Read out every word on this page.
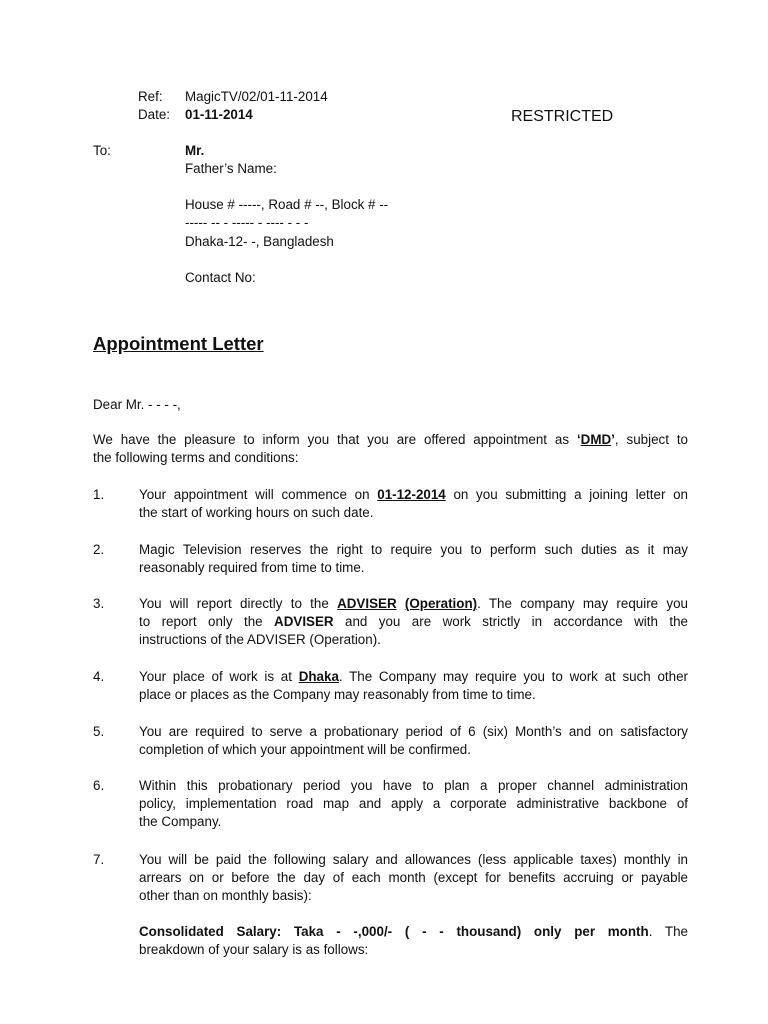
Ref: MagicTV/02/01-11-2014
Date: 01-11-2014	RESTRICTED
To:	Mr.
Father’s Name:
House # -----, Road # --, Block # --
----- -- - ----- - ---- - - -
Dhaka-12- -, Bangladesh
Contact No:
Appointment Letter
Dear Mr. - - - -,
We have the pleasure to inform you that you are offered appointment as ‘DMD’, subject to
the following terms and conditions:
1.	Your appointment will commence on 01-12-2014 on you submitting a joining letter on
the start of working hours on such date.
2.	Magic Television reserves the right to require you to perform such duties as it may
reasonably required from time to time.
3.	You will report directly to the ADVISER (Operation). The company may require you
to report only the ADVISER and you are work strictly in accordance with the
instructions of the ADVISER (Operation).
4.	Your place of work is at Dhaka. The Company may require you to work at such other
place or places as the Company may reasonably from time to time.
5.	You are required to serve a probationary period of 6 (six) Month’s and on satisfactory
completion of which your appointment will be confirmed.
6.	Within this probationary period you have to plan a proper channel administration
policy, implementation road map and apply a corporate administrative backbone of
the Company.
7.	You will be paid the following salary and allowances (less applicable taxes) monthly in
arrears on or before the day of each month (except for benefits accruing or payable
other than on monthly basis):
Consolidated Salary: Taka - -,000/- ( - - thousand) only per month. The
breakdown of your salary is as follows:
